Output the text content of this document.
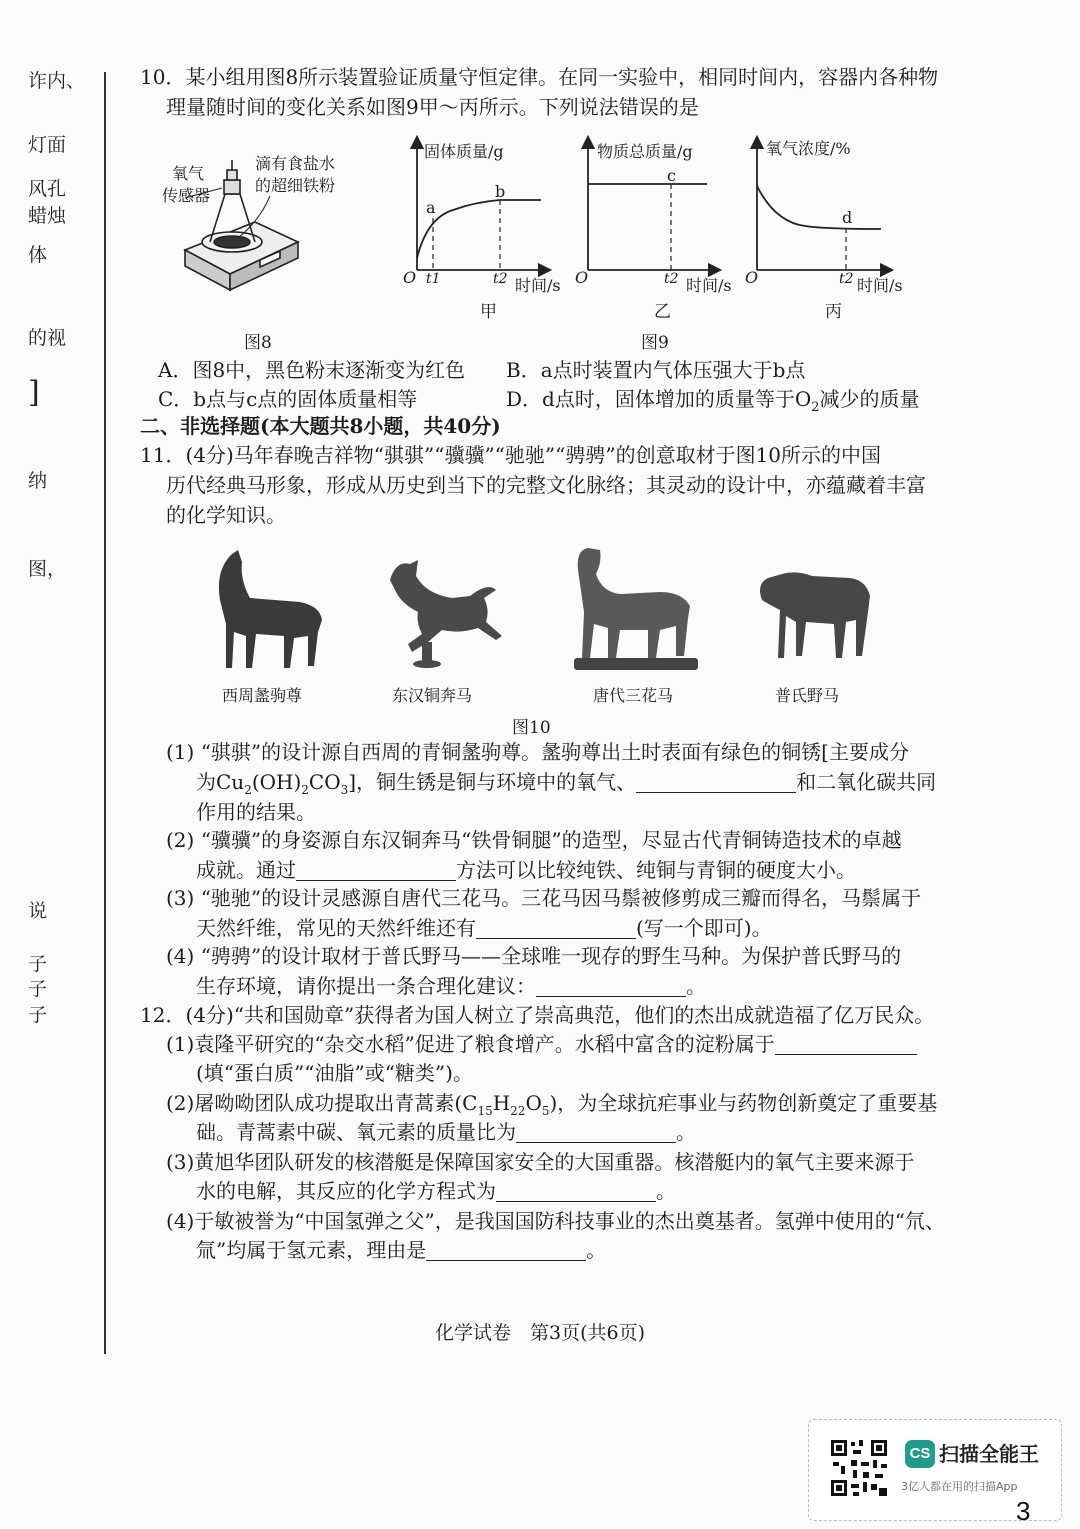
诈内、
灯面
风孔
蜡烛
体
的视
]
纳
图，
说
子
子
子
10．某小组用图8所示装置验证质量守恒定律。在同一实验中，相同时间内，容器内各种物
理量随时间的变化关系如图9甲～丙所示。下列说法错误的是
氧气
传感器
滴有食盐水
的超细铁粉
图8
固体质量/g	物质总质量/g	氧气浓度/%
O	O	O
t1	t2	t2	t2
时间/s	时间/s	时间/s
a
b
c
d
甲	乙	丙
图9
A．图8中，黑色粉末逐渐变为红色 B．a点时装置内气体压强大于b点
C．b点与c点的固体质量相等	D．d点时，固体增加的质量等于$O_2$减少的质量
二、非选择题(本大题共8小题，共40分)
11．(4分)马年春晚吉祥物“骐骐”“骥骥”“驰驰”“骋骋”的创意取材于图10所示的中国
历代经典马形象，形成从历史到当下的完整文化脉络；其灵动的设计中，亦蕴藏着丰富
的化学知识。
西周盠驹尊	东汉铜奔马	唐代三花马	普氏野马
图10
(1) “骐骐”的设计源自西周的青铜盠驹尊。盠驹尊出土时表面有绿色的铜锈[主要成分
为$Cu_2(OH)_2CO_3$]，铜生锈是铜与环境中的氧气、	和二氧化碳共同
作用的结果。
(2) “骥骥”的身姿源自东汉铜奔马“铁骨铜腿”的造型，尽显古代青铜铸造技术的卓越
成就。通过	方法可以比较纯铁、纯铜与青铜的硬度大小。
(3) “驰驰”的设计灵感源自唐代三花马。三花马因马鬃被修剪成三瓣而得名，马鬃属于
天然纤维，常见的天然纤维还有	(写一个即可)。
(4) “骋骋”的设计取材于普氏野马——全球唯一现存的野生马种。为保护普氏野马的
生存环境，请你提出一条合理化建议：	。
12．(4分)“共和国勋章”获得者为国人树立了崇高典范，他们的杰出成就造福了亿万民众。
(1)袁隆平研究的“杂交水稻”促进了粮食增产。水稻中富含的淀粉属于
(填“蛋白质”“油脂”或“糖类”)。
(2)屠呦呦团队成功提取出青蒿素$(C_{15}H_{22}O_5)$，为全球抗疟事业与药物创新奠定了重要基
础。青蒿素中碳、氧元素的质量比为	。
(3)黄旭华团队研发的核潜艇是保障国家安全的大国重器。核潜艇内的氧气主要来源于
水的电解，其反应的化学方程式为	。
(4)于敏被誉为“中国氢弹之父”，是我国国防科技事业的杰出奠基者。氢弹中使用的“氘、
氚”均属于氢元素，理由是	。
化学试卷　第3页(共6页)
CS 扫描全能王
3亿人都在用的扫描App
3
